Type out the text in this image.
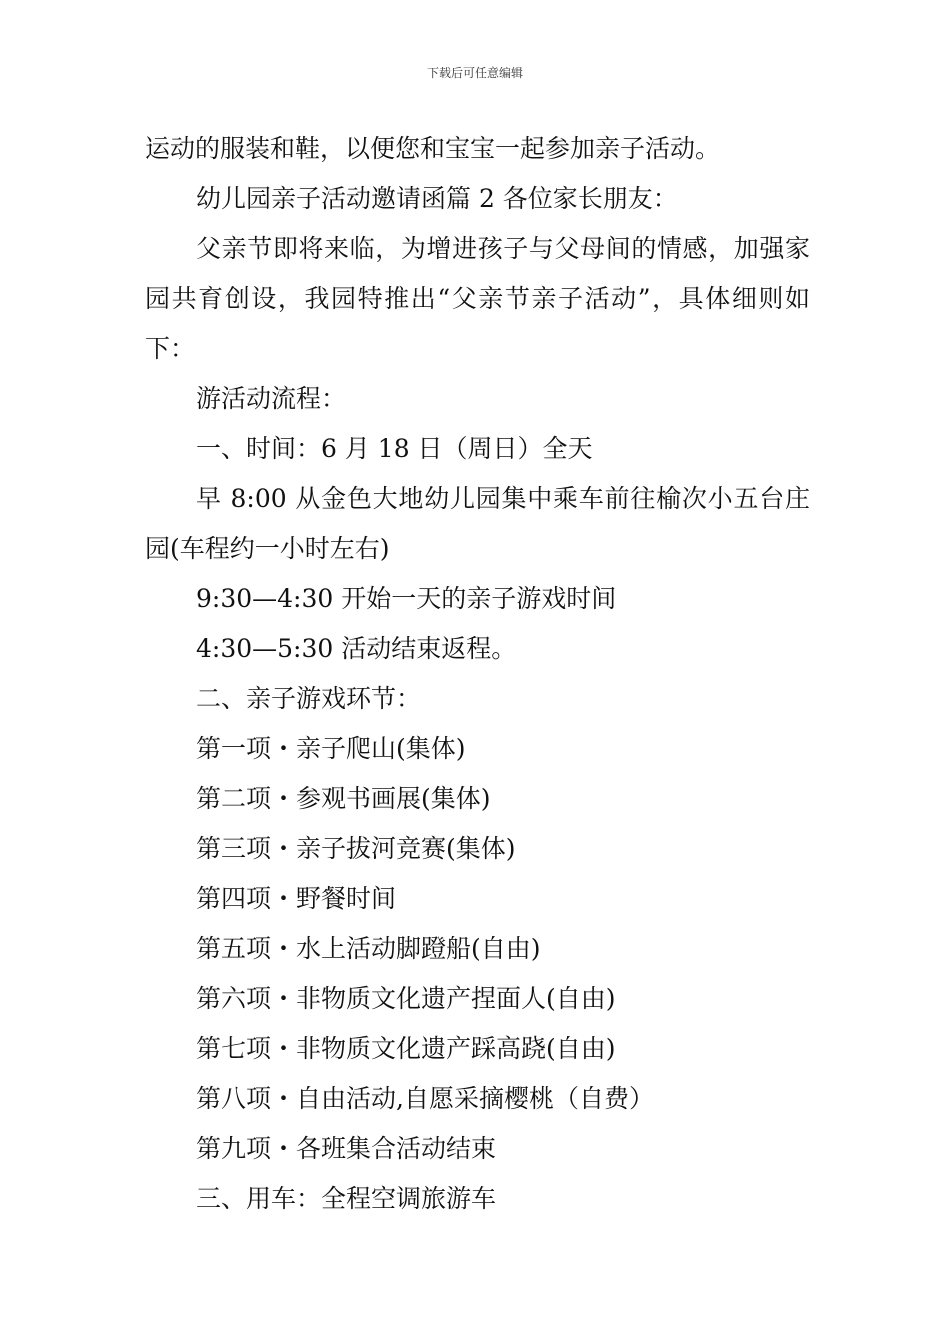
下载后可任意编辑

运动的服装和鞋，以便您和宝宝一起参加亲子活动。

幼儿园亲子活动邀请函篇 2 各位家长朋友：

父亲节即将来临，为增进孩子与父母间的情感，加强家园共育创设，我园特推出“父亲节亲子活动”，具体细则如下：

游活动流程：

一、时间：6 月 18 日（周日）全天

早 8:00 从金色大地幼儿园集中乘车前往榆次小五台庄园(车程约一小时左右)

9:30—4:30 开始一天的亲子游戏时间

4:30—5:30 活动结束返程。

二、亲子游戏环节：

第一项・亲子爬山(集体)

第二项・参观书画展(集体)

第三项・亲子拔河竞赛(集体)

第四项・野餐时间

第五项・水上活动脚蹬船(自由)

第六项・非物质文化遗产捏面人(自由)

第七项・非物质文化遗产踩高跷(自由)

第八项・自由活动,自愿采摘樱桃（自费）

第九项・各班集合活动结束

三、用车：全程空调旅游车
